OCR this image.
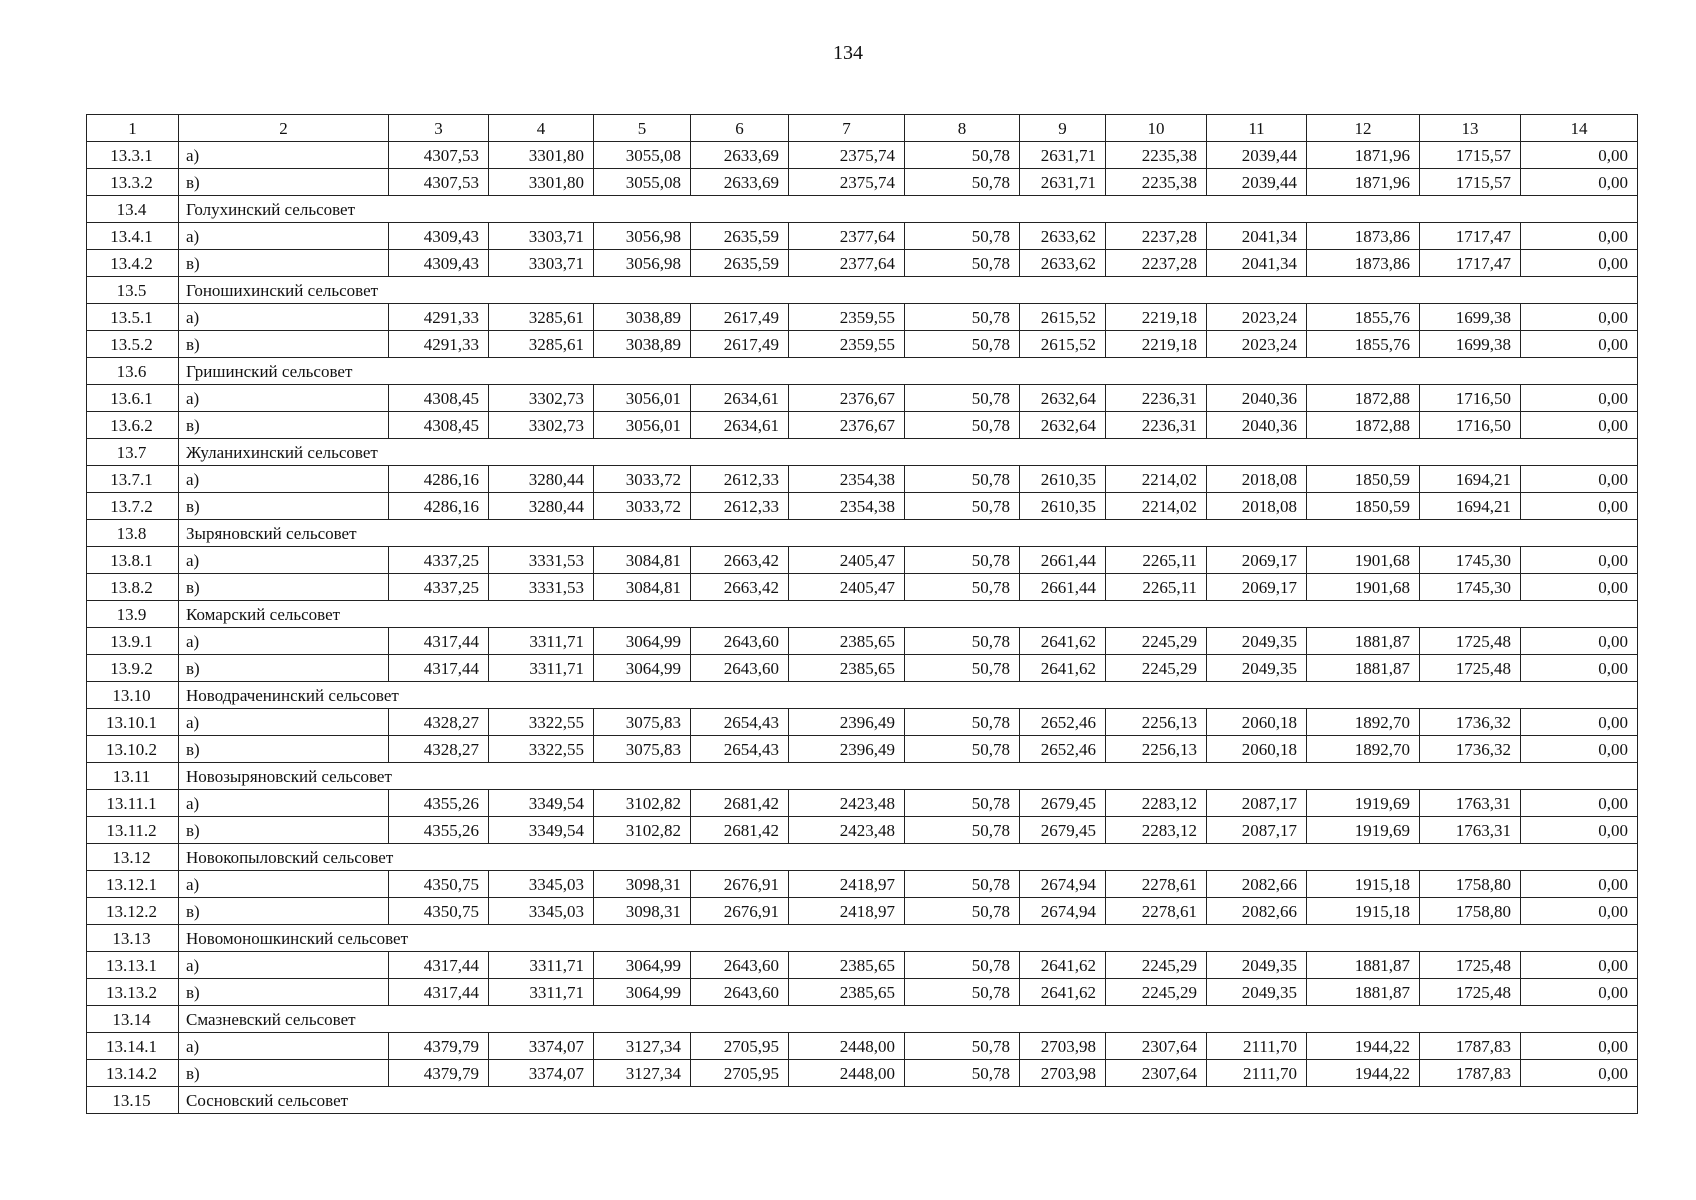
134
1	2	3	4	5	6	7	8	9	10	11	12	13	14
13.3.1	а)	4307,53	3301,80	3055,08	2633,69	2375,74	50,78	2631,71	2235,38	2039,44	1871,96	1715,57	0,00
13.3.2	в)	4307,53	3301,80	3055,08	2633,69	2375,74	50,78	2631,71	2235,38	2039,44	1871,96	1715,57	0,00
13.4	Голухинский сельсовет												
13.4.1	а)	4309,43	3303,71	3056,98	2635,59	2377,64	50,78	2633,62	2237,28	2041,34	1873,86	1717,47	0,00
13.4.2	в)	4309,43	3303,71	3056,98	2635,59	2377,64	50,78	2633,62	2237,28	2041,34	1873,86	1717,47	0,00
13.5	Гоношихинский сельсовет												
13.5.1	а)	4291,33	3285,61	3038,89	2617,49	2359,55	50,78	2615,52	2219,18	2023,24	1855,76	1699,38	0,00
13.5.2	в)	4291,33	3285,61	3038,89	2617,49	2359,55	50,78	2615,52	2219,18	2023,24	1855,76	1699,38	0,00
13.6	Гришинский сельсовет												
13.6.1	а)	4308,45	3302,73	3056,01	2634,61	2376,67	50,78	2632,64	2236,31	2040,36	1872,88	1716,50	0,00
13.6.2	в)	4308,45	3302,73	3056,01	2634,61	2376,67	50,78	2632,64	2236,31	2040,36	1872,88	1716,50	0,00
13.7	Жуланихинский сельсовет												
13.7.1	а)	4286,16	3280,44	3033,72	2612,33	2354,38	50,78	2610,35	2214,02	2018,08	1850,59	1694,21	0,00
13.7.2	в)	4286,16	3280,44	3033,72	2612,33	2354,38	50,78	2610,35	2214,02	2018,08	1850,59	1694,21	0,00
13.8	Зыряновский сельсовет												
13.8.1	а)	4337,25	3331,53	3084,81	2663,42	2405,47	50,78	2661,44	2265,11	2069,17	1901,68	1745,30	0,00
13.8.2	в)	4337,25	3331,53	3084,81	2663,42	2405,47	50,78	2661,44	2265,11	2069,17	1901,68	1745,30	0,00
13.9	Комарский сельсовет												
13.9.1	а)	4317,44	3311,71	3064,99	2643,60	2385,65	50,78	2641,62	2245,29	2049,35	1881,87	1725,48	0,00
13.9.2	в)	4317,44	3311,71	3064,99	2643,60	2385,65	50,78	2641,62	2245,29	2049,35	1881,87	1725,48	0,00
13.10	Новодраченинский сельсовет												
13.10.1	а)	4328,27	3322,55	3075,83	2654,43	2396,49	50,78	2652,46	2256,13	2060,18	1892,70	1736,32	0,00
13.10.2	в)	4328,27	3322,55	3075,83	2654,43	2396,49	50,78	2652,46	2256,13	2060,18	1892,70	1736,32	0,00
13.11	Новозыряновский сельсовет												
13.11.1	а)	4355,26	3349,54	3102,82	2681,42	2423,48	50,78	2679,45	2283,12	2087,17	1919,69	1763,31	0,00
13.11.2	в)	4355,26	3349,54	3102,82	2681,42	2423,48	50,78	2679,45	2283,12	2087,17	1919,69	1763,31	0,00
13.12	Новокопыловский сельсовет												
13.12.1	а)	4350,75	3345,03	3098,31	2676,91	2418,97	50,78	2674,94	2278,61	2082,66	1915,18	1758,80	0,00
13.12.2	в)	4350,75	3345,03	3098,31	2676,91	2418,97	50,78	2674,94	2278,61	2082,66	1915,18	1758,80	0,00
13.13	Новомоношкинский сельсовет												
13.13.1	а)	4317,44	3311,71	3064,99	2643,60	2385,65	50,78	2641,62	2245,29	2049,35	1881,87	1725,48	0,00
13.13.2	в)	4317,44	3311,71	3064,99	2643,60	2385,65	50,78	2641,62	2245,29	2049,35	1881,87	1725,48	0,00
13.14	Смазневский сельсовет												
13.14.1	а)	4379,79	3374,07	3127,34	2705,95	2448,00	50,78	2703,98	2307,64	2111,70	1944,22	1787,83	0,00
13.14.2	в)	4379,79	3374,07	3127,34	2705,95	2448,00	50,78	2703,98	2307,64	2111,70	1944,22	1787,83	0,00
13.15	Сосновский сельсовет												
